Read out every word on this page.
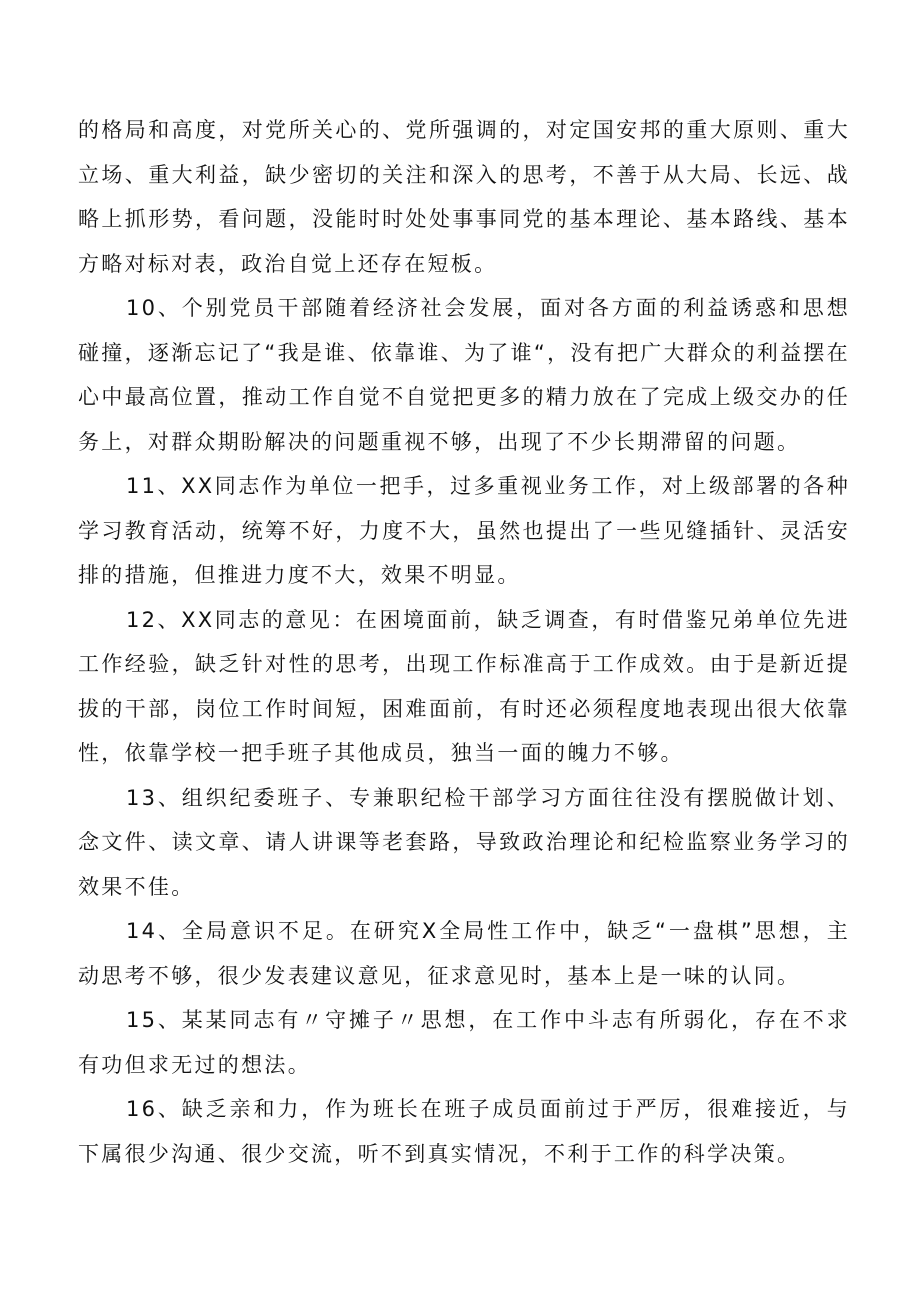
的格局和高度，对党所关心的、党所强调的，对定国安邦的重大原则、重大立场、重大利益，缺少密切的关注和深入的思考，不善于从大局、长远、战略上抓形势，看问题，没能时时处处事事同党的基本理论、基本路线、基本方略对标对表，政治自觉上还存在短板。

10、个别党员干部随着经济社会发展，面对各方面的利益诱惑和思想碰撞，逐渐忘记了“我是谁、依靠谁、为了谁“，没有把广大群众的利益摆在心中最高位置，推动工作自觉不自觉把更多的精力放在了完成上级交办的任务上，对群众期盼解决的问题重视不够，出现了不少长期滞留的问题。

11、XX同志作为单位一把手，过多重视业务工作，对上级部署的各种学习教育活动，统筹不好，力度不大，虽然也提出了一些见缝插针、灵活安排的措施，但推进力度不大，效果不明显。

12、XX同志的意见：在困境面前，缺乏调查，有时借鉴兄弟单位先进工作经验，缺乏针对性的思考，出现工作标准高于工作成效。由于是新近提拔的干部，岗位工作时间短，困难面前，有时还必须程度地表现出很大依靠性，依靠学校一把手班子其他成员，独当一面的魄力不够。

13、组织纪委班子、专兼职纪检干部学习方面往往没有摆脱做计划、念文件、读文章、请人讲课等老套路，导致政治理论和纪检监察业务学习的效果不佳。

14、全局意识不足。在研究X全局性工作中，缺乏“一盘棋”思想，主动思考不够，很少发表建议意见，征求意见时，基本上是一味的认同。

15、某某同志有〃守摊子〃思想，在工作中斗志有所弱化，存在不求有功但求无过的想法。

16、缺乏亲和力，作为班长在班子成员面前过于严厉，很难接近，与下属很少沟通、很少交流，听不到真实情况，不利于工作的科学决策。
